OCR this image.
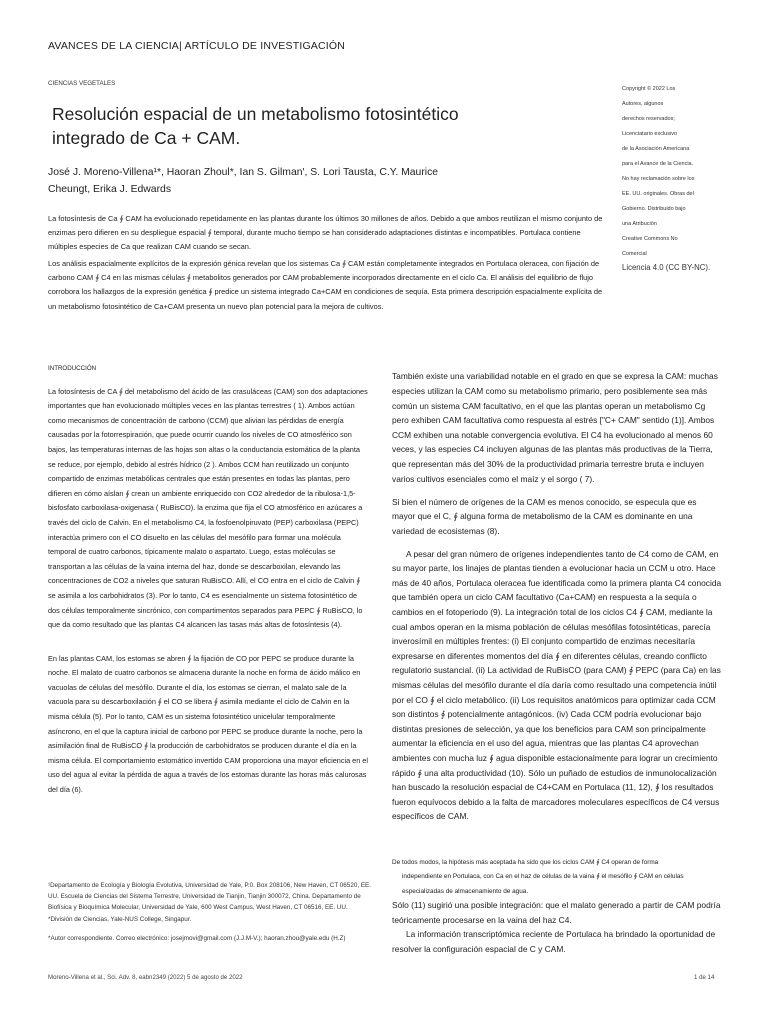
AVANCES DE LA CIENCIA| ARTÍCULO DE INVESTIGACIÓN
CIENCIAS VEGETALES
Resolución espacial de un metabolismo fotosintético integrado de Ca + CAM.
José J. Moreno-Villena¹*, Haoran Zhoul*, Ian S. Gilman', S. Lori Tausta, C.Y. Maurice Cheungt, Erika J. Edwards
Copyright © 2022 Los
Autores, algunos
derechos reservados;
Licenciatario exclusivo
de la Asociación Americana
para el Avance de la Ciencia.
No hay reclamación sobre los
EE. UU. originales. Obras del
Gobierno. Distribuido bajo
una Atribución
Creative Commons No
Comercial
Licencia 4.0 (CC BY-NC).

La fotosíntesis de Ca ∮ CAM ha evolucionado repetidamente en las plantas durante los últimos 30 millones de años. Debido a que ambos reutilizan el mismo conjunto de enzimas pero difieren en su despliegue espacial ∮ temporal, durante mucho tiempo se han considerado adaptaciones distintas e incompatibles. Portulaca contiene múltiples especies de Ca que realizan CAM cuando se secan.

Los análisis espacialmente explícitos de la expresión génica revelan que los sistemas Ca ∮ CAM están completamente integrados en Portulaca oleracea, con fijación de carbono CAM ∮ C4 en las mismas células ∮ metabolitos generados por CAM probablemente incorporados directamente en el ciclo Ca. El análisis del equilibrio de flujo corrobora los hallazgos de la expresión genética ∮ predice un sistema integrado Ca+CAM en condiciones de sequía. Esta primera descripción espacialmente explícita de un metabolismo fotosintético de Ca+CAM presenta un nuevo plan potencial para la mejora de cultivos.

INTRODUCCIÓN

La fotosíntesis de CA ∮ del metabolismo del ácido de las crasuláceas (CAM) son dos adaptaciones importantes que han evolucionado múltiples veces en las plantas terrestres ( 1). Ambos actúan como mecanismos de concentración de carbono (CCM) que alivian las pérdidas de energía causadas por la fotorrespiración, que puede ocurrir cuando los niveles de CO atmosférico son bajos, las temperaturas internas de las hojas son altas o la conductancia estomática de la planta se reduce, por ejemplo, debido al estrés hídrico (2 ). Ambos CCM han reutilizado un conjunto compartido de enzimas metabólicas centrales que están presentes en todas las plantas, pero difieren en cómo aíslan ∮ crean un ambiente enriquecido con CO2 alrededor de la ribulosa-1,5-bisfosfato carboxilasa-oxigenasa ( RuBisCO). la enzima que fija el CO atmosférico en azúcares a través del ciclo de Calvin. En el metabolismo C4, la fosfoenolpiruvato (PEP) carboxilasa (PEPC) interactúa primero con el CO disuelto en las células del mesófilo para formar una molécula temporal de cuatro carbonos, típicamente malato o aspartato. Luego, estas moléculas se transportan a las células de la vaina interna del haz, donde se descarboxilan, elevando las concentraciones de CO2 a niveles que saturan RuBisCO. Allí, el CO entra en el ciclo de Calvin ∮ se asimila a los carbohidratos (3). Por lo tanto, C4 es esencialmente un sistema fotosintético de dos células temporalmente sincrónico, con compartimentos separados para PEPC ∮ RuBisCO, lo que da como resultado que las plantas C4 alcancen las tasas más altas de fotosíntesis (4).

En las plantas CAM, los estomas se abren ∮ la fijación de CO por PEPC se produce durante la noche. El malato de cuatro carbonos se almacena durante la noche en forma de ácido málico en vacuolas de células del mesófilo. Durante el día, los estomas se cierran, el malato sale de la vacuola para su descarboxilación ∮ el CO se libera ∮ asimila mediante el ciclo de Calvin en la misma célula (5). Por lo tanto, CAM es un sistema fotosintético unicelular temporalmente asíncrono, en el que la captura inicial de carbono por PEPC se produce durante la noche, pero la asimilación final de RuBisCO ∮ la producción de carbohidratos se producen durante el día en la misma célula. El comportamiento estomático invertido CAM proporciona una mayor eficiencia en el uso del agua al evitar la pérdida de agua a través de los estomas durante las horas más calurosas del día (6).

También existe una variabilidad notable en el grado en que se expresa la CAM: muchas especies utilizan la CAM como su metabolismo primario, pero posiblemente sea más común un sistema CAM facultativo, en el que las plantas operan un metabolismo Cg pero exhiben CAM facultativa como respuesta al estrés ["C+ CAM" sentido (1)]. Ambos CCM exhiben una notable convergencia evolutiva. El C4 ha evolucionado al menos 60 veces, y las especies C4 incluyen algunas de las plantas más productivas de la Tierra, que representan más del 30% de la productividad primaria terrestre bruta e incluyen varios cultivos esenciales como el maíz y el sorgo ( 7).

Si bien el número de orígenes de la CAM es menos conocido, se especula que es mayor que el C, ∮ alguna forma de metabolismo de la CAM es dominante en una variedad de ecosistemas (8).

A pesar del gran número de orígenes independientes tanto de C4 como de CAM, en su mayor parte, los linajes de plantas tienden a evolucionar hacia un CCM u otro. Hace más de 40 años, Portulaca oleracea fue identificada como la primera planta C4 conocida que también opera un ciclo CAM facultativo (Ca+CAM) en respuesta a la sequía o cambios en el fotoperiodo (9). La integración total de los ciclos C4 ∮ CAM, mediante la cual ambos operan en la misma población de células mesófilas fotosintéticas, parecía inverosímil en múltiples frentes: (i) El conjunto compartido de enzimas necesitaría expresarse en diferentes momentos del día ∮ en diferentes células, creando conflicto regulatorio sustancial. (ii) La actividad de RuBisCO (para CAM) ∮ PEPC (para Ca) en las mismas células del mesófilo durante el día daría como resultado una competencia inútil por el CO ∮ el ciclo metabólico. (ii) Los requisitos anatómicos para optimizar cada CCM son distintos ∮ potencialmente antagónicos. (iv) Cada CCM podría evolucionar bajo distintas presiones de selección, ya que los beneficios para CAM son principalmente aumentar la eficiencia en el uso del agua, mientras que las plantas C4 aprovechan ambientes con mucha luz ∮ agua disponible estacionalmente para lograr un crecimiento rápido ∮ una alta productividad (10). Sólo un puñado de estudios de inmunolocalización han buscado la resolución espacial de C4+CAM en Portulaca (11, 12), ∮ los resultados fueron equívocos debido a la falta de marcadores moleculares específicos de C4 versus específicos de CAM.

De todos modos, la hipótesis más aceptada ha sido que los ciclos CAM ∮ C4 operan de forma
independiente en Portulaca, con Ca en el haz de células de la vaina ∮ el mesófilo ∮ CAM en células especializadas de almacenamiento de agua.

Sólo (11) sugirió una posible integración: que el malato generado a partir de CAM podría teóricamente procesarse en la vaina del haz C4.

La información transcriptómica reciente de Portulaca ha brindado la oportunidad de resolver la configuración espacial de C y CAM.

¹Departamento de Ecología y Biología Evolutiva, Universidad de Yale, P.0. Box 208106, New Haven, CT 06520, EE. UU. Escuela de Ciencias del Sistema Terrestre, Universidad de Tianjin, Tianjin 300072, China. Departamento de Biofísica y Bioquímica Molecular, Universidad de Yale, 600 West Campus, West Haven, CT 06516, EE. UU. *División de Ciencias, Yale-NUS College, Singapur.
*Autor correspondiente. Correo electrónico: josejmovi@gmail.com (J.J.M-V.); haoran.zhou@yale.edu (H.Z)
Moreno-Villena et al., Sci. Adv. 8, eabn2349 (2022) 5 de agosto de 2022	1 de 14
